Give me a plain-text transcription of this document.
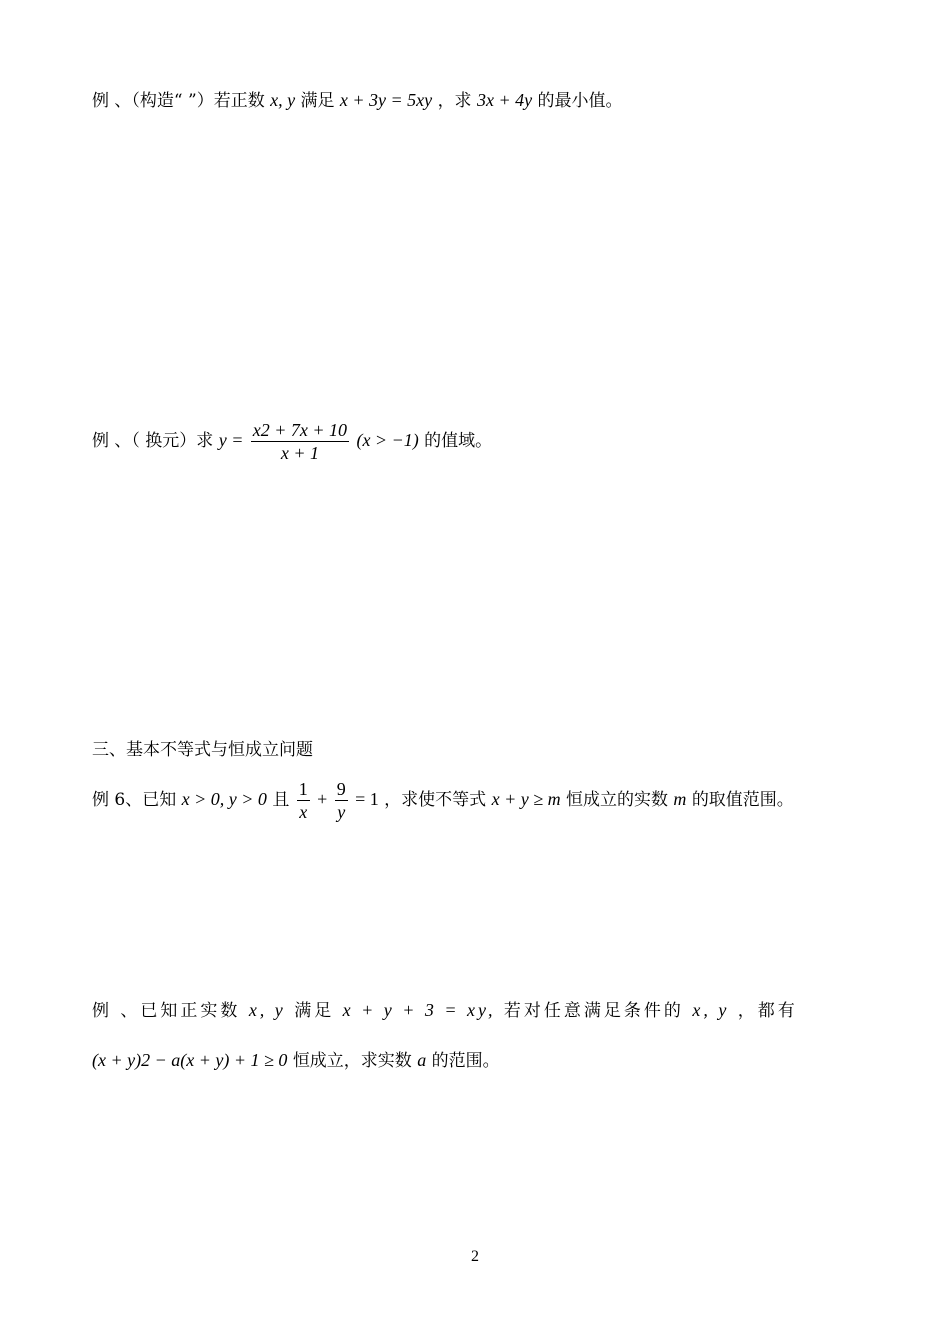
例 、（构造“ ”）若正数 x, y 满足 x + 3y = 5xy ，求 3x + 4y 的最小值。
例 、（ 换元）求 $y = \frac{x2 + 7x + 10}{x + 1} (x > -1)$ 的值域。
三、基本不等式与恒成立问题
例 6、已知 x > 0, y > 0 且 $\frac{1}{x} + \frac{9}{y} = 1$ ，求使不等式 x + y ≥ m 恒成立的实数 m 的取值范围。
例 、已知正实数 x, y 满足 x + y + 3 = xy, 若对任意满足条件的 x, y ，都有
(x + y)2 − a(x + y) + 1 ≥ 0 恒成立，求实数 a 的范围。
2
